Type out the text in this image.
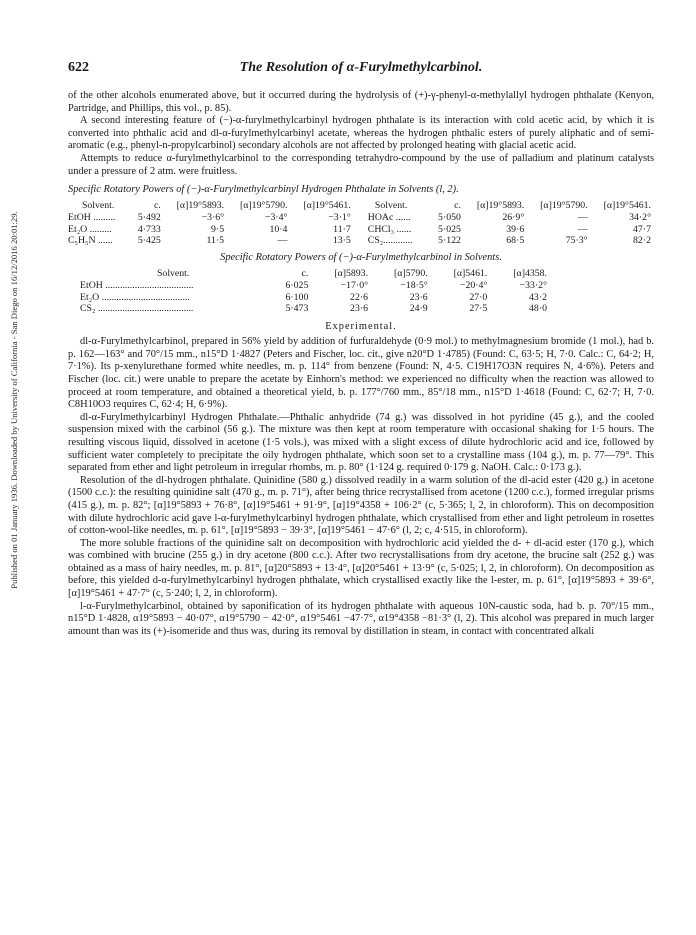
Published on 01 January 1936. Downloaded by University of California - San Diego on 16/12/2016 20:01:29.
622	The Resolution of α-Furylmethylcarbinol.

of the other alcohols enumerated above, but it occurred during the hydrolysis of (+)-γ-phenyl-α-methylallyl hydrogen phthalate (Kenyon, Partridge, and Phillips, this vol., p. 85).

A second interesting feature of (−)-α-furylmethylcarbinyl hydrogen phthalate is its interaction with cold acetic acid, by which it is converted into phthalic acid and dl-α-furylmethylcarbinyl acetate, whereas the hydrogen phthalic esters of purely aliphatic and of semi-aromatic (e.g., phenyl-n-propylcarbinol) secondary alcohols are not affected by prolonged heating with glacial acetic acid.

Attempts to reduce α-furylmethylcarbinol to the corresponding tetrahydro-compound by the use of palladium and platinum catalysts under a pressure of 2 atm. were fruitless.

Specific Rotatory Powers of (−)-α-Furylmethylcarbinyl Hydrogen Phthalate in Solvents (l, 2).

Solvent.	c.	[α]19°5893.	[α]19°5790.	[α]19°5461.	Solvent.	c.	[α]19°5893.	[α]19°5790.	[α]19°5461.
EtOH .........	5·492	−3·6°	−3·4°	−3·1°	HOAc ......	5·050	26·9°	—	34·2°
Et₂O .........	4·733	9·5	10·4	11·7	CHCl₃ ......	5·025	39·6	—	47·7
C₅H₅N ......	5·425	11·5	—	13·5	CS₂............	5·122	68·5	75·3°	82·2

Specific Rotatory Powers of (−)-α-Furylmethylcarbinol in Solvents.

Solvent.	c.	[α]5893.	[α]5790.	[α]5461.	[α]4358.
EtOH ....................................	6·025	−17·0°	−18·5°	−20·4°	−33·2°
Et₂O ....................................	6·100	22·6	23·6	27·0	43·2
CS₂ .......................................	5·473	23·6	24·9	27·5	48·0
Experimental.

dl-α-Furylmethylcarbinol, prepared in 56% yield by addition of furfuraldehyde (0·9 mol.) to methylmagnesium bromide (1 mol.), had b. p. 162—163° and 70°/15 mm., n15°D 1·4827 (Peters and Fischer, loc. cit., give n20°D 1·4785) (Found: C, 63·5; H, 7·0. Calc.: C, 64·2; H, 7·1%). Its p-xenylurethane formed white needles, m. p. 114° from benzene (Found: N, 4·5. C19H17O3N requires N, 4·6%). Peters and Fischer (loc. cit.) were unable to prepare the acetate by Einhorn's method: we experienced no difficulty when the reaction was allowed to proceed at room temperature, and obtained a theoretical yield, b. p. 177°/760 mm., 85°/18 mm., n15°D 1·4618 (Found: C, 62·7; H, 7·0. C8H10O3 requires C, 62·4; H, 6·9%).

dl-α-Furylmethylcarbinyl Hydrogen Phthalate.—Phthalic anhydride (74 g.) was dissolved in hot pyridine (45 g.), and the cooled suspension mixed with the carbinol (56 g.). The mixture was then kept at room temperature with occasional shaking for 1·5 hours. The resulting viscous liquid, dissolved in acetone (1·5 vols.), was mixed with a slight excess of dilute hydrochloric acid and ice, followed by sufficient water completely to precipitate the oily hydrogen phthalate, which soon set to a crystalline mass (104 g.), m. p. 77—79°. This separated from ether and light petroleum in irregular rhombs, m. p. 80° (1·124 g. required 0·179 g. NaOH. Calc.: 0·173 g.).

Resolution of the dl-hydrogen phthalate. Quinidine (580 g.) dissolved readily in a warm solution of the dl-acid ester (420 g.) in acetone (1500 c.c.): the resulting quinidine salt (470 g., m. p. 71°), after being thrice recrystallised from acetone (1200 c.c.), formed irregular prisms (415 g.), m. p. 82°; [α]19°5893 + 76·8°, [α]19°5461 + 91·9°, [α]19°4358 + 106·2° (c, 5·365; l, 2, in chloroform). This on decomposition with dilute hydrochloric acid gave l-α-furylmethylcarbinyl hydrogen phthalate, which crystallised from ether and light petroleum in rosettes of cotton-wool-like needles, m. p. 61°, [α]19°5893 − 39·3°, [α]19°5461 − 47·6° (l, 2; c, 4·515, in chloroform).

The more soluble fractions of the quinidine salt on decomposition with hydrochloric acid yielded the d- + dl-acid ester (170 g.), which was combined with brucine (255 g.) in dry acetone (800 c.c.). After two recrystallisations from dry acetone, the brucine salt (252 g.) was obtained as a mass of hairy needles, m. p. 81°, [α]20°5893 + 13·4°, [α]20°5461 + 13·9° (c, 5·025; l, 2, in chloroform). On decomposition as before, this yielded d-α-furylmethylcarbinyl hydrogen phthalate, which crystallised exactly like the l-ester, m. p. 61°, [α]19°5893 + 39·6°, [α]19°5461 + 47·7° (c, 5·240; l, 2, in chloroform).

l-α-Furylmethylcarbinol, obtained by saponification of its hydrogen phthalate with aqueous 10N-caustic soda, had b. p. 70°/15 mm., n15°D 1·4828, α19°5893 − 40·07°, α19°5790 − 42·0°, α19°5461 −47·7°, α19°4358 −81·3° (l, 2). This alcohol was prepared in much larger amount than was its (+)-isomeride and thus was, during its removal by distillation in steam, in contact with concentrated alkali
